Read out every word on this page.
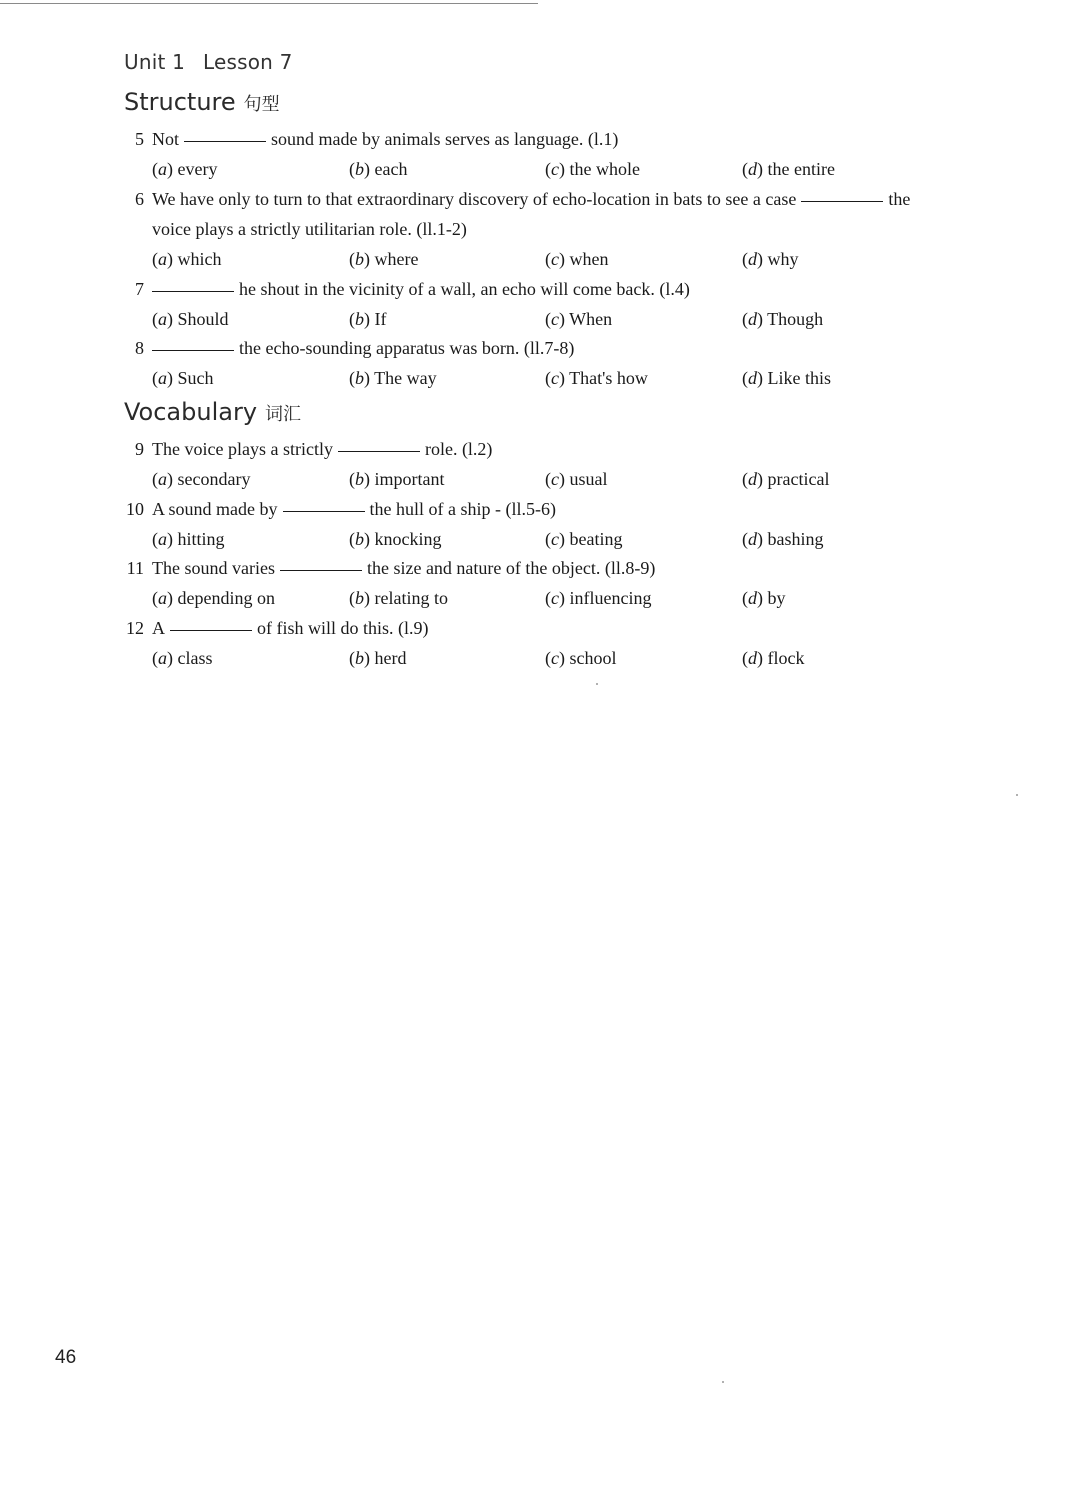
Unit 1 Lesson 7
Structure 句型
Vocabulary 词汇
5 Not	sound made by animals serves as language. (l.1)
(a) every	(b) each	(c) the whole	(d) the entire
6 We have only to turn to that extraordinary discovery of echo-location in bats to see a case	the
voice plays a strictly utilitarian role. (ll.1-2)
(a) which	(b) where	(c) when	(d) why
7	he shout in the vicinity of a wall, an echo will come back. (l.4)
(a) Should	(b) If	(c) When	(d) Though
8	the echo-sounding apparatus was born. (ll.7-8)
(a) Such	(b) The way	(c) That's how	(d) Like this
9 The voice plays a strictly	role. (l.2)
(a) secondary	(b) important	(c) usual	(d) practical
10 A sound made by	the hull of a ship - (ll.5-6)
(a) hitting	(b) knocking	(c) beating	(d) bashing
11 The sound varies	the size and nature of the object. (ll.8-9)
(a) depending on	(b) relating to	(c) influencing	(d) by
12 A	of fish will do this. (l.9)
(a) class	(b) herd	(c) school	(d) flock
46
